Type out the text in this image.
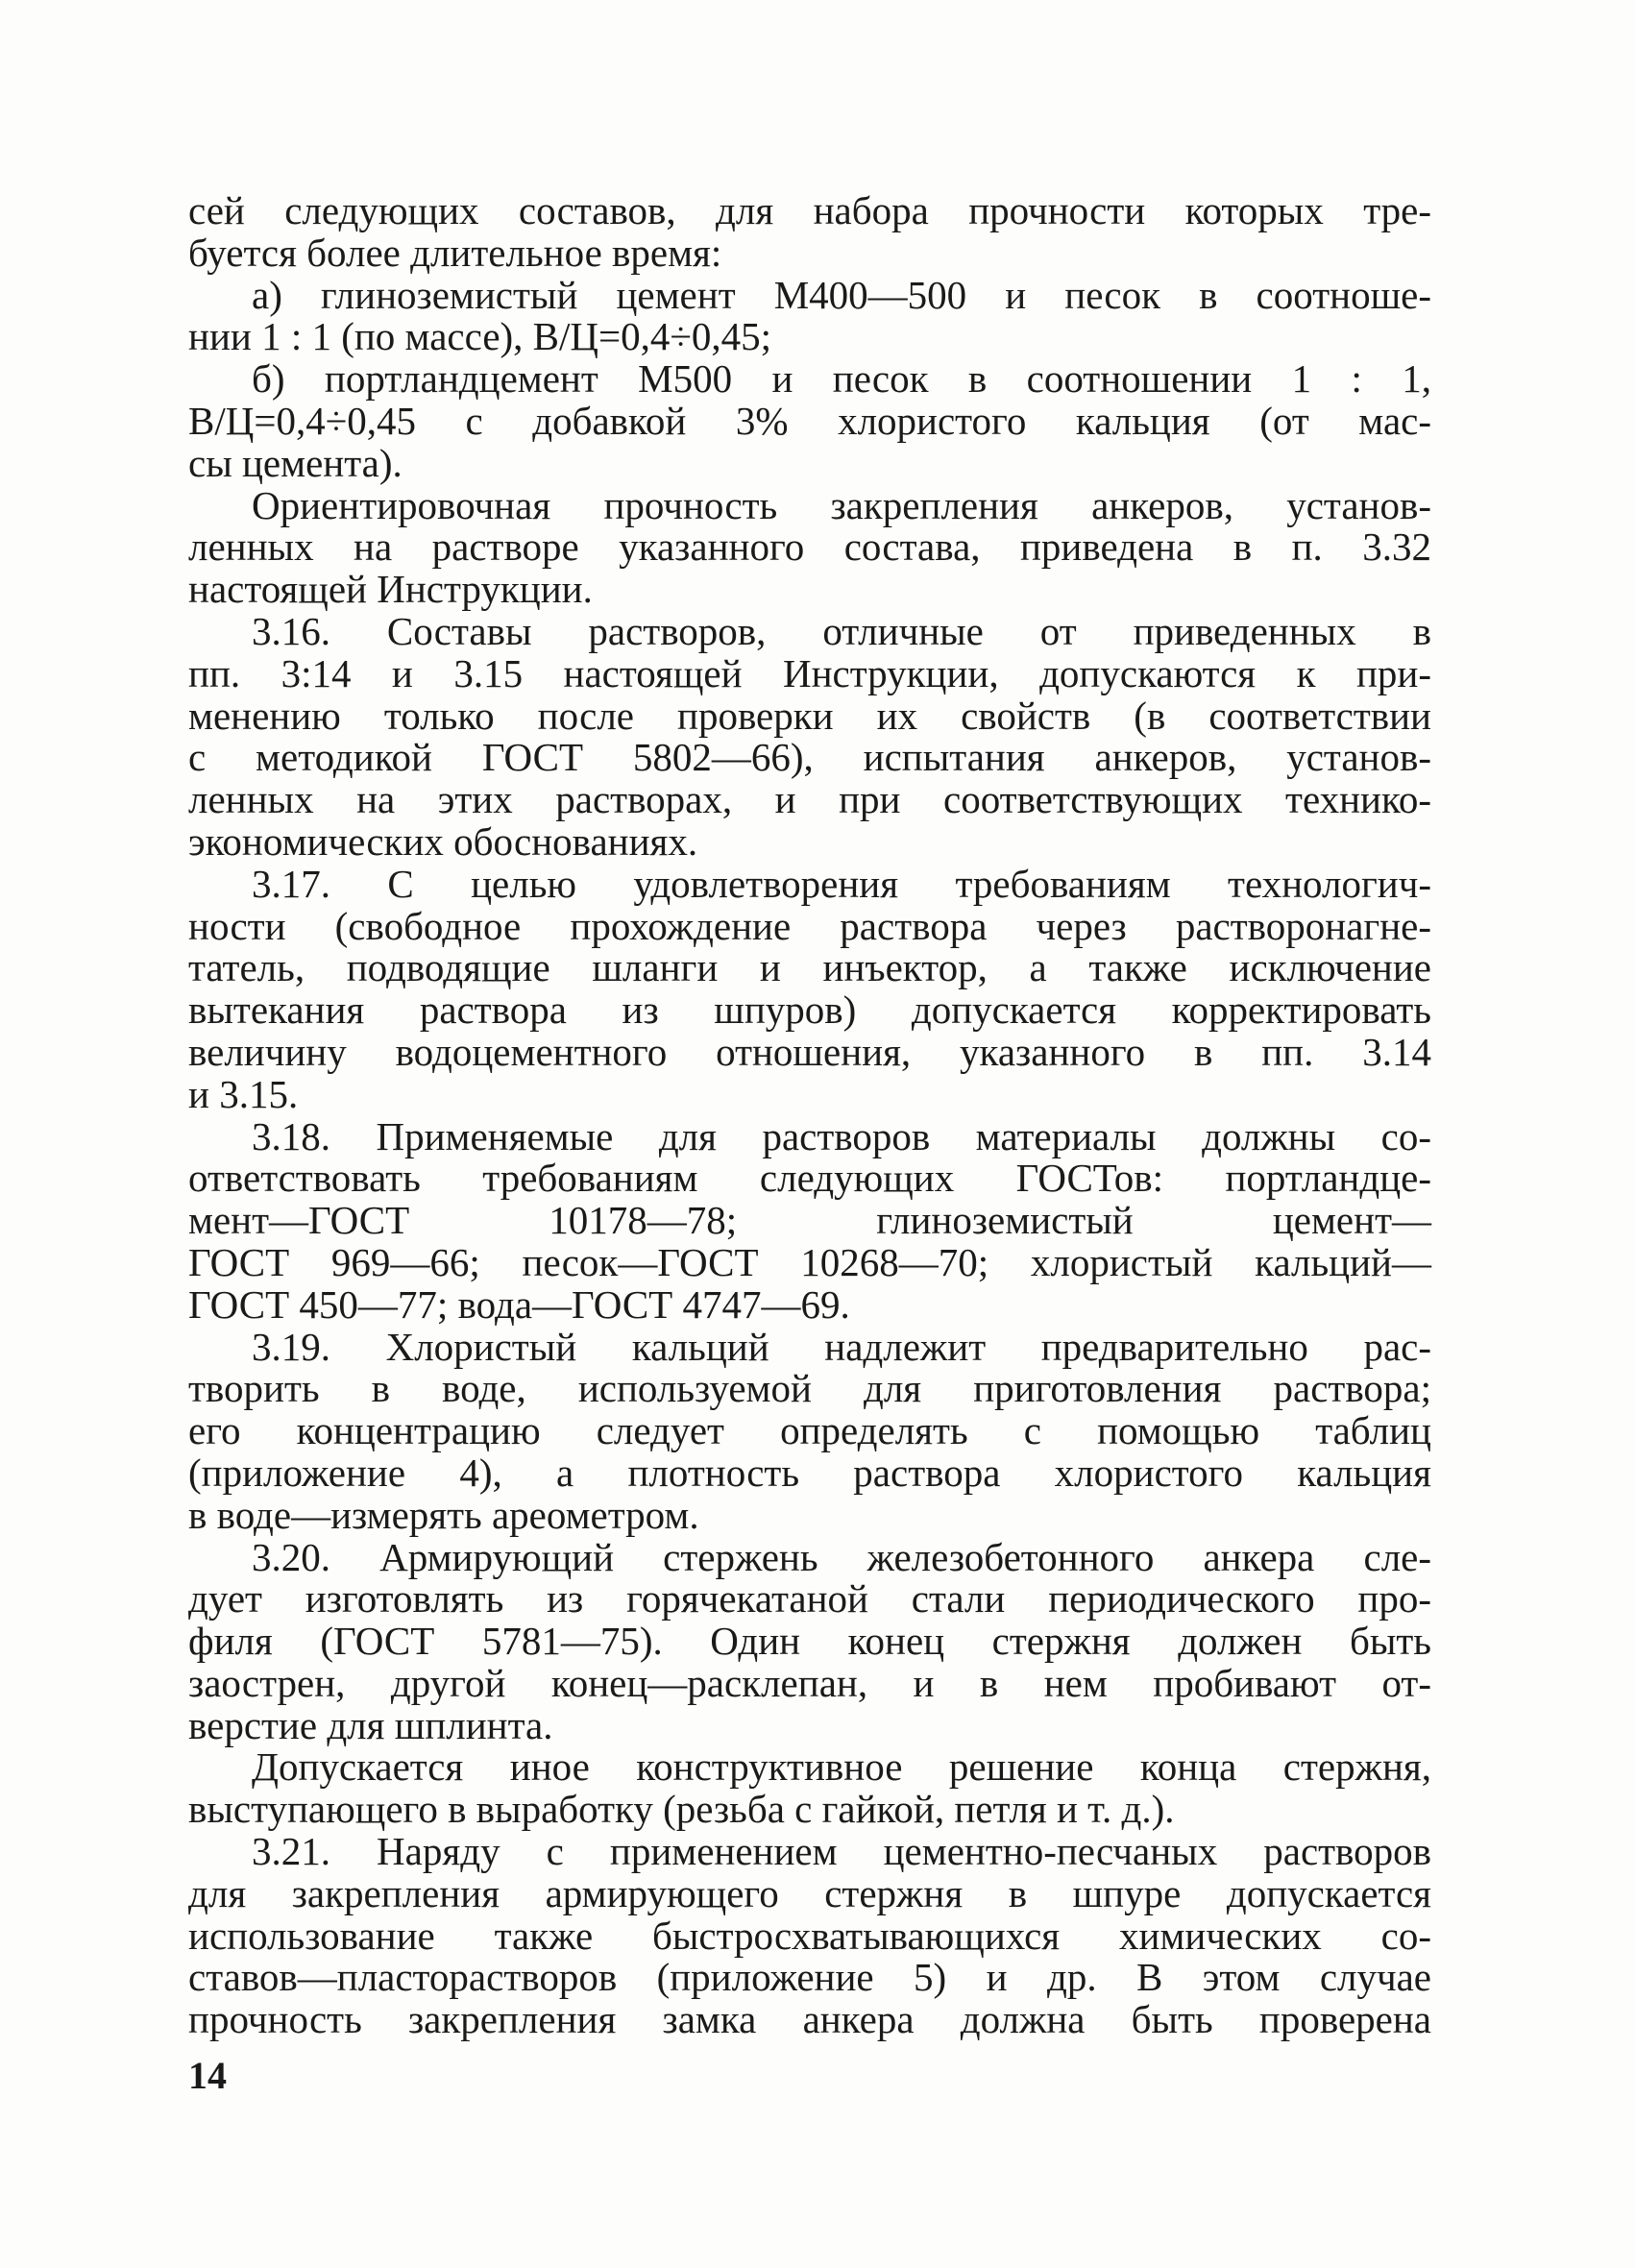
сей следующих составов, для набора прочности которых тре-
буется более длительное время:
а) глиноземистый цемент М400—500 и песок в соотноше-
нии 1 : 1 (по массе), В/Ц=0,4÷0,45;
б) портландцемент М500 и песок в соотношении 1 : 1,
В/Ц=0,4÷0,45 с добавкой 3% хлористого кальция (от мас-
сы цемента).
Ориентировочная прочность закрепления анкеров, установ-
ленных на растворе указанного состава, приведена в п. 3.32
настоящей Инструкции.
3.16. Составы растворов, отличные от приведенных в
пп. 3:14 и 3.15 настоящей Инструкции, допускаются к при-
менению только после проверки их свойств (в соответствии
с методикой ГОСТ 5802—66), испытания анкеров, установ-
ленных на этих растворах, и при соответствующих технико-
экономических обоснованиях.
3.17. С целью удовлетворения требованиям технологич-
ности (свободное прохождение раствора через растворонагне-
татель, подводящие шланги и инъектор, а также исключение
вытекания раствора из шпуров) допускается корректировать
величину водоцементного отношения, указанного в пп. 3.14
и 3.15.
3.18. Применяемые для растворов материалы должны со-
ответствовать требованиям следующих ГОСТов: портландце-
мент—ГОСТ 10178—78; глиноземистый цемент—
ГОСТ 969—66; песок—ГОСТ 10268—70; хлористый кальций—
ГОСТ 450—77; вода—ГОСТ 4747—69.
3.19. Хлористый кальций надлежит предварительно рас-
творить в воде, используемой для приготовления раствора;
его концентрацию следует определять с помощью таблиц
(приложение 4), а плотность раствора хлористого кальция
в воде—измерять ареометром.
3.20. Армирующий стержень железобетонного анкера сле-
дует изготовлять из горячекатаной стали периодического про-
филя (ГОСТ 5781—75). Один конец стержня должен быть
заострен, другой конец—расклепан, и в нем пробивают от-
верстие для шплинта.
Допускается иное конструктивное решение конца стержня,
выступающего в выработку (резьба с гайкой, петля и т. д.).
3.21. Наряду с применением цементно-песчаных растворов
для закрепления армирующего стержня в шпуре допускается
использование также быстросхватывающихся химических со-
ставов—пласторастворов (приложение 5) и др. В этом случае
прочность закрепления замка анкера должна быть проверена
14
